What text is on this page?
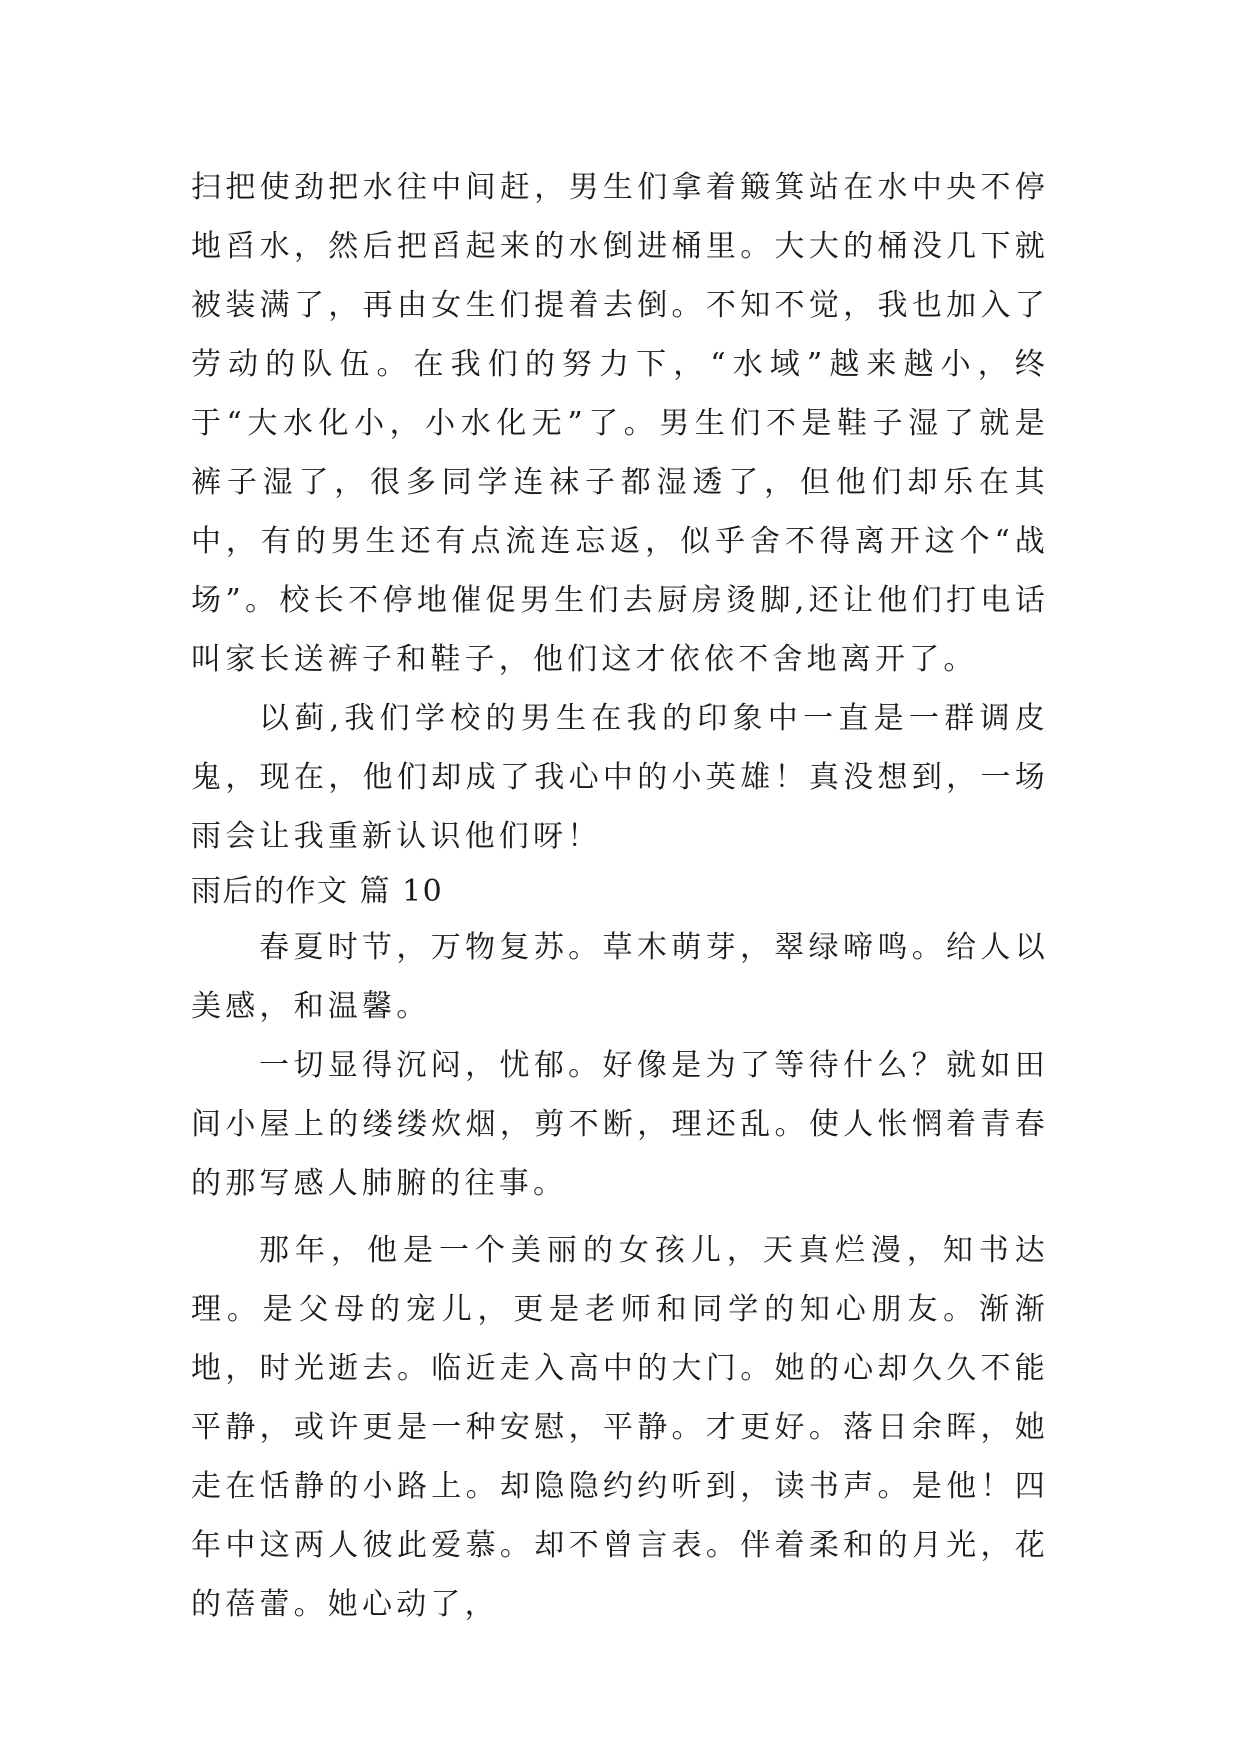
扫把使劲把水往中间赶，男生们拿着簸箕站在水中央不停地舀水，然后把舀起来的水倒进桶里。大大的桶没几下就被装满了，再由女生们提着去倒。不知不觉，我也加入了劳动的队伍。在我们的努力下，“水域”越来越小，终于“大水化小，小水化无”了。男生们不是鞋子湿了就是裤子湿了，很多同学连袜子都湿透了，但他们却乐在其中，有的男生还有点流连忘返，似乎舍不得离开这个“战场”。校长不停地催促男生们去厨房烫脚,还让他们打电话叫家长送裤子和鞋子，他们这才依依不舍地离开了。

以蓟,我们学校的男生在我的印象中一直是一群调皮鬼，现在，他们却成了我心中的小英雄！真没想到，一场雨会让我重新认识他们呀！

雨后的作文 篇 10

春夏时节，万物复苏。草木萌芽，翠绿啼鸣。给人以美感，和温馨。

一切显得沉闷，忧郁。好像是为了等待什么？就如田间小屋上的缕缕炊烟，剪不断，理还乱。使人怅惘着青春的那写感人肺腑的往事。

那年，他是一个美丽的女孩儿，天真烂漫，知书达理。是父母的宠儿，更是老师和同学的知心朋友。渐渐地，时光逝去。临近走入高中的大门。她的心却久久不能平静，或许更是一种安慰，平静。才更好。落日余晖，她走在恬静的小路上。却隐隐约约听到，读书声。是他！四年中这两人彼此爱慕。却不曾言表。伴着柔和的月光，花的蓓蕾。她心动了，
